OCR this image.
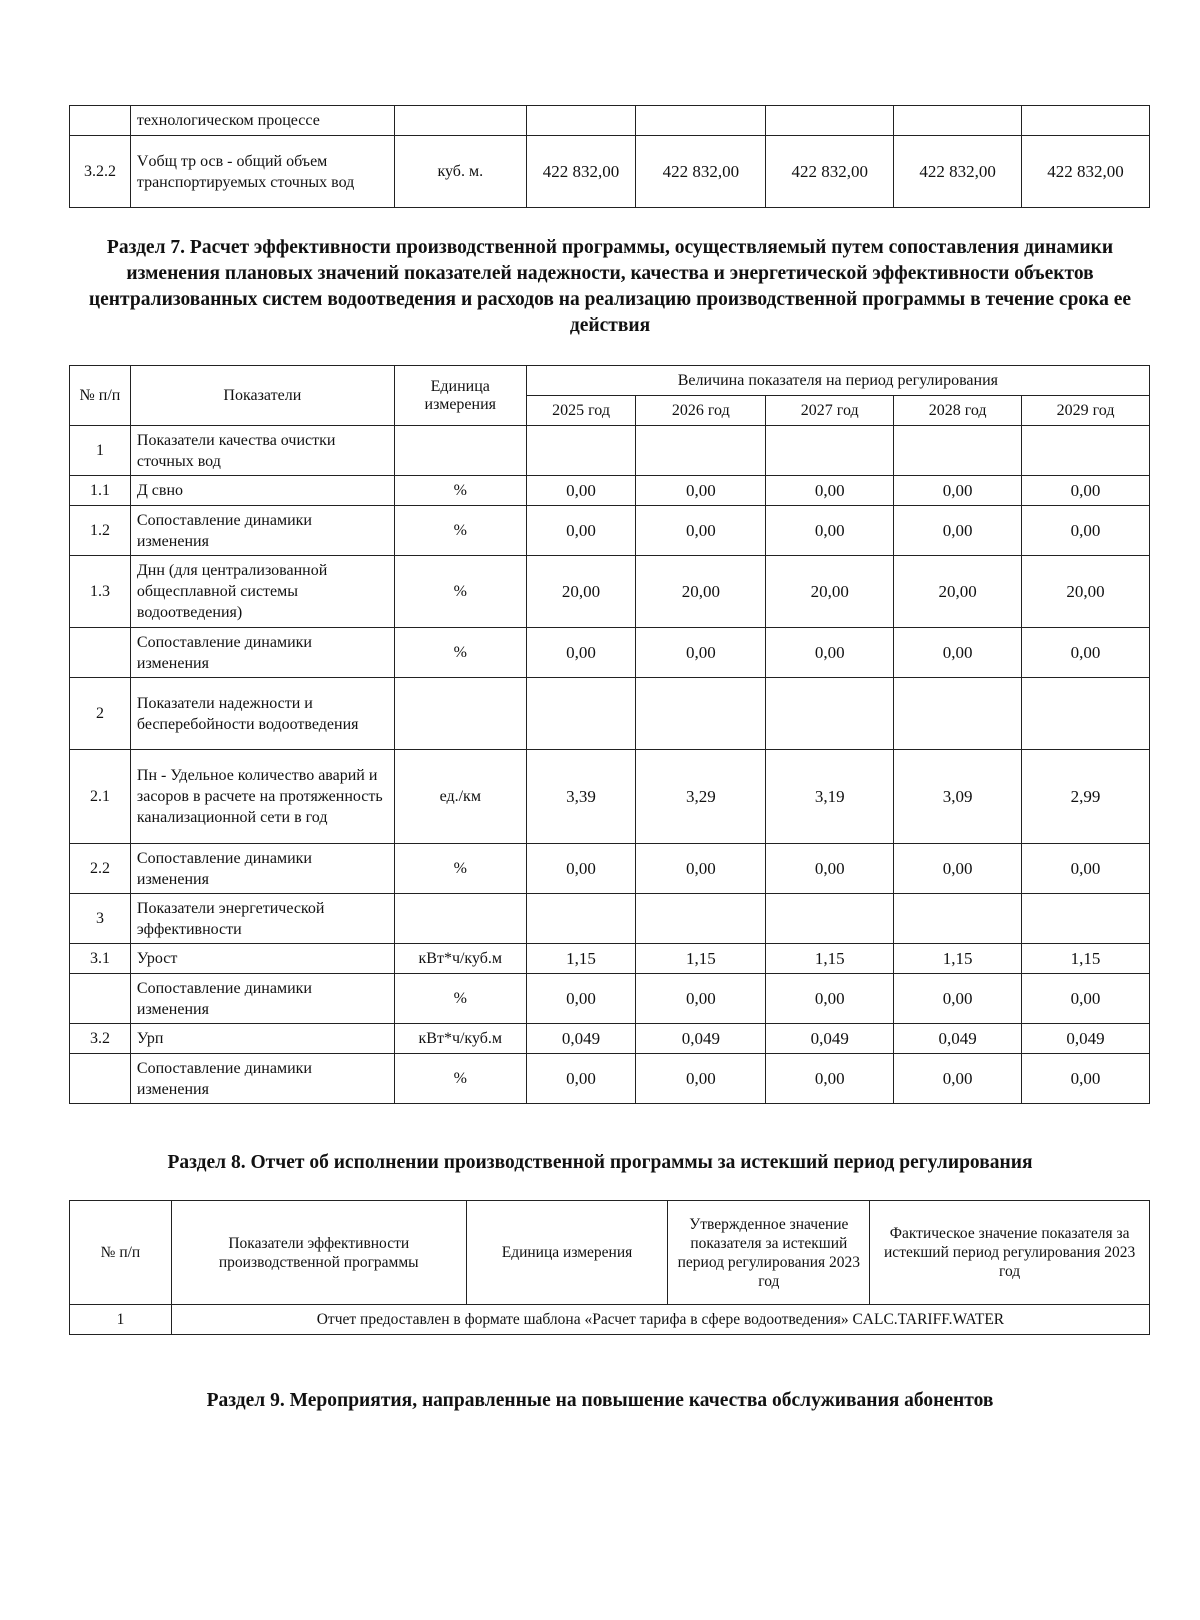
	технологическом процессе						
3.2.2	Vобщ тр осв - общий объем транспортируемых сточных вод	куб. м.	422 832,00	422 832,00	422 832,00	422 832,00	422 832,00
Раздел 7. Расчет эффективности производственной программы, осуществляемый путем сопоставления динамики изменения плановых значений показателей надежности, качества и энергетической эффективности объектов централизованных систем водоотведения и расходов на реализацию производственной программы в течение срока ее действия
№ п/п	Показатели	Единица измерения	Величина показателя на период регулирования				
			2025 год	2026 год	2027 год	2028 год	2029 год
1	Показатели качества очистки сточных вод						
1.1	Д свно	%	0,00	0,00	0,00	0,00	0,00
1.2	Сопоставление динамики изменения	%	0,00	0,00	0,00	0,00	0,00
1.3	Днн (для централизованной общесплавной системы водоотведения)	%	20,00	20,00	20,00	20,00	20,00
	Сопоставление динамики изменения	%	0,00	0,00	0,00	0,00	0,00
2	Показатели надежности и бесперебойности водоотведения						
2.1	Пн - Удельное количество аварий и засоров в расчете на протяженность канализационной сети в год	ед./км	3,39	3,29	3,19	3,09	2,99
2.2	Сопоставление динамики изменения	%	0,00	0,00	0,00	0,00	0,00
3	Показатели энергетической эффективности						
3.1	Урост	кВт*ч/куб.м	1,15	1,15	1,15	1,15	1,15
	Сопоставление динамики изменения	%	0,00	0,00	0,00	0,00	0,00
3.2	Урп	кВт*ч/куб.м	0,049	0,049	0,049	0,049	0,049
	Сопоставление динамики изменения	%	0,00	0,00	0,00	0,00	0,00
Раздел 8. Отчет об исполнении производственной программы за истекший период регулирования
№ п/п	Показатели эффективности производственной программы	Единица измерения	Утвержденное значение показателя за истекший период регулирования 2023 год	Фактическое значение показателя за истекший период регулирования 2023 год
1	Отчет предоставлен в формате шаблона «Расчет тарифа в сфере водоотведения» CALC.TARIFF.WATER			
Раздел 9. Мероприятия, направленные на повышение качества обслуживания абонентов
